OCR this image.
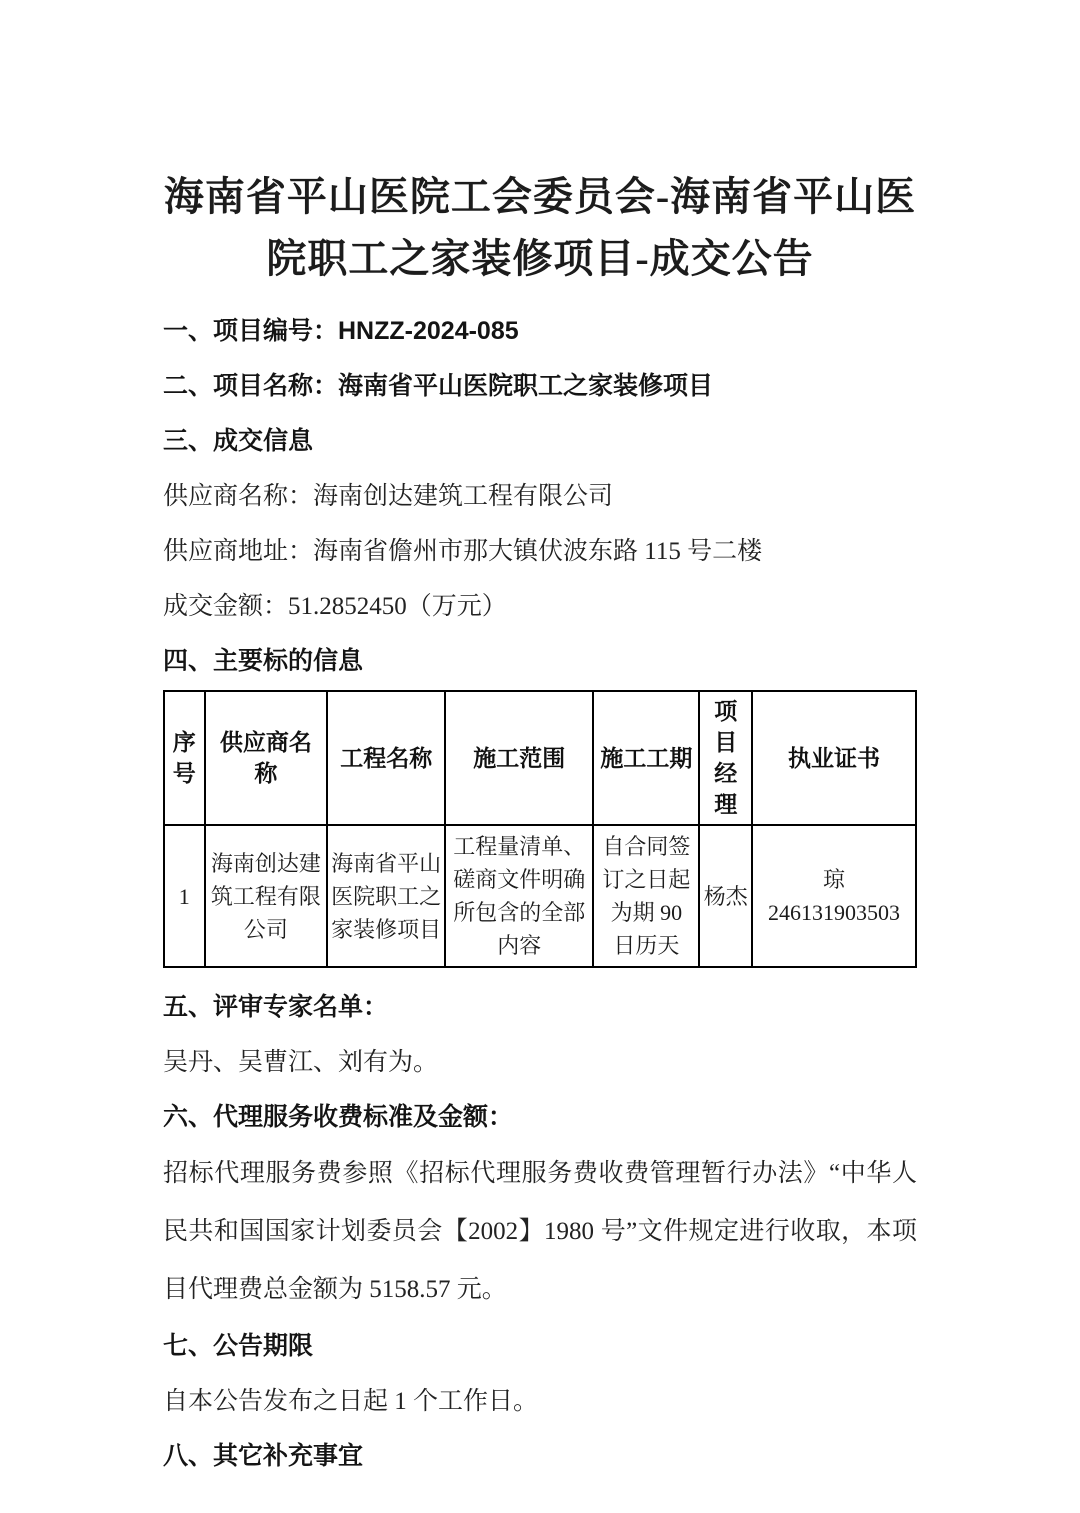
海南省平山医院工会委员会-海南省平山医院职工之家装修项目-成交公告
一、项目编号：HNZZ-2024-085
二、项目名称：海南省平山医院职工之家装修项目
三、成交信息
供应商名称：海南创达建筑工程有限公司
供应商地址：海南省儋州市那大镇伏波东路 115 号二楼
成交金额：51.2852450（万元）
四、主要标的信息
序号	供应商名称	工程名称	施工范围	施工工期	项目经理	执业证书
1	海南创达建筑工程有限公司	海南省平山医院职工之家装修项目	工程量清单、磋商文件明确所包含的全部内容	自合同签订之日起为期 90 日历天	杨杰	琼 246131903503
五、评审专家名单：
吴丹、吴曹江、刘有为。
六、代理服务收费标准及金额：
招标代理服务费参照《招标代理服务费收费管理暂行办法》“中华人民共和国国家计划委员会【2002】1980 号”文件规定进行收取，本项目代理费总金额为 5158.57 元。
七、公告期限
自本公告发布之日起 1 个工作日。
八、其它补充事宜
